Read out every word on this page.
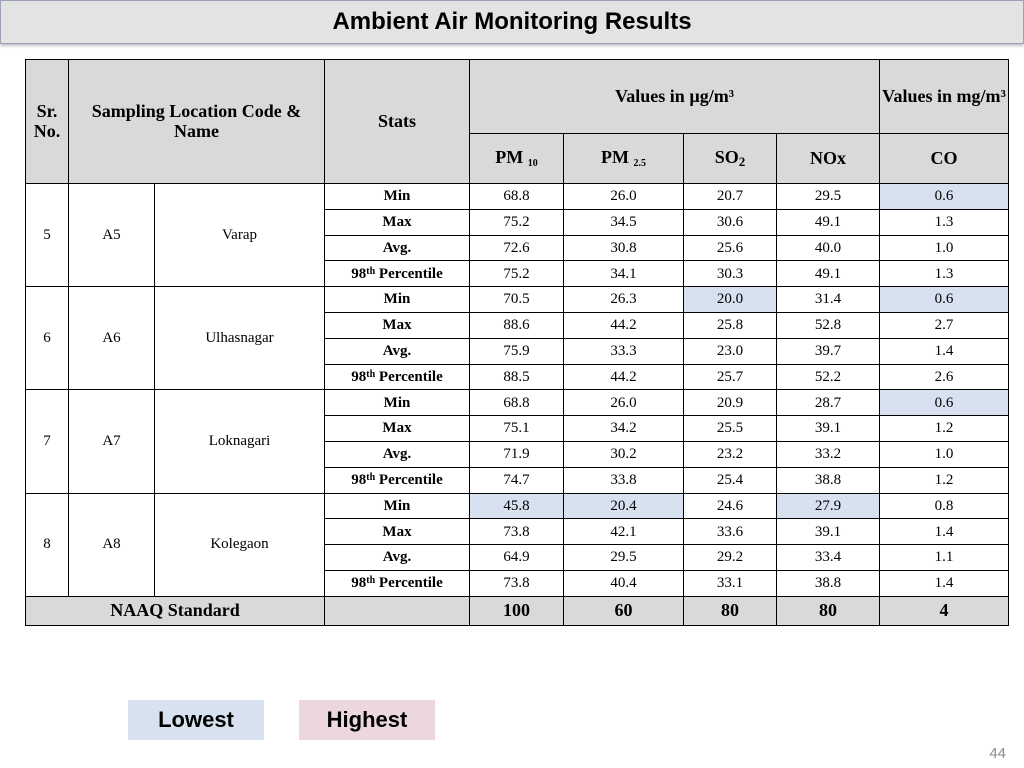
Ambient Air Monitoring Results
Sr. No.	Sampling Location Code & Name		Stats	Values in µg/m³				Values in mg/m³
				PM $_{10}$	PM $_{2.5}$	$SO_2$	NOx	CO
5	A5	Varap	Min	68.8	26.0	20.7	29.5	0.6
			Max	75.2	34.5	30.6	49.1	1.3
			Avg.	72.6	30.8	25.6	40.0	1.0
			98th Percentile	75.2	34.1	30.3	49.1	1.3
6	A6	Ulhasnagar	Min	70.5	26.3	20.0	31.4	0.6
			Max	88.6	44.2	25.8	52.8	2.7
			Avg.	75.9	33.3	23.0	39.7	1.4
			98th Percentile	88.5	44.2	25.7	52.2	2.6
7	A7	Loknagari	Min	68.8	26.0	20.9	28.7	0.6
			Max	75.1	34.2	25.5	39.1	1.2
			Avg.	71.9	30.2	23.2	33.2	1.0
			98th Percentile	74.7	33.8	25.4	38.8	1.2
8	A8	Kolegaon	Min	45.8	20.4	24.6	27.9	0.8
			Max	73.8	42.1	33.6	39.1	1.4
			Avg.	64.9	29.5	29.2	33.4	1.1
			98th Percentile	73.8	40.4	33.1	38.8	1.4
NAAQ Standard				100	60	80	80	4
Lowest	Highest
44
